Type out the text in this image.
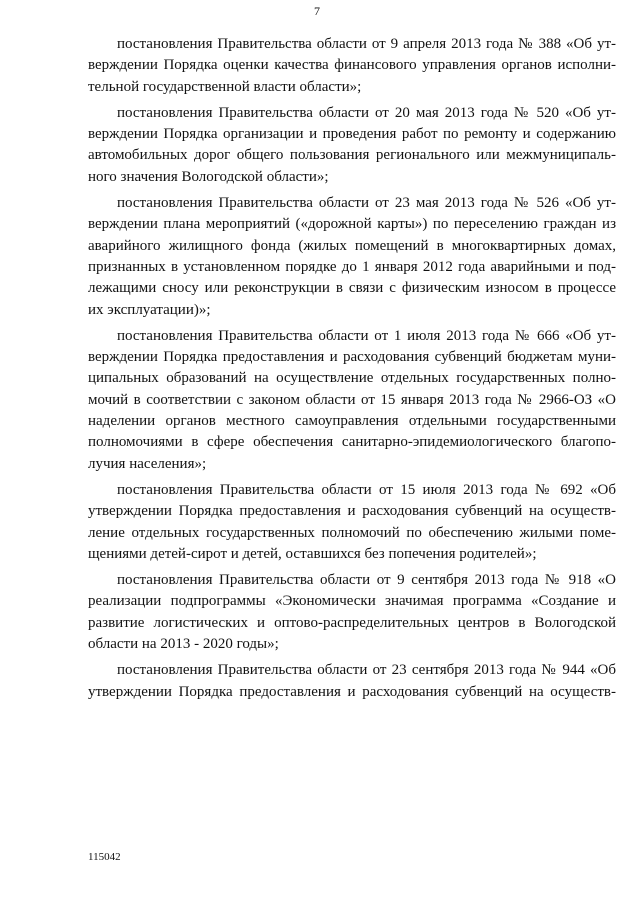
7
постановления Правительства области от 9 апреля 2013 года № 388 «Об ут-
верждении Порядка оценки качества финансового управления органов исполни-
тельной государственной власти области»;
постановления Правительства области от 20 мая 2013 года № 520 «Об ут-
верждении Порядка организации и проведения работ по ремонту и содержанию
автомобильных дорог общего пользования регионального или межмуниципаль-
ного значения Вологодской области»;
постановления Правительства области от 23 мая 2013 года № 526 «Об ут-
верждении плана мероприятий («дорожной карты») по переселению граждан из
аварийного жилищного фонда (жилых помещений в многоквартирных домах,
признанных в установленном порядке до 1 января 2012 года аварийными и под-
лежащими сносу или реконструкции в связи с физическим износом в процессе
их эксплуатации)»;
постановления Правительства области от 1 июля 2013 года № 666 «Об ут-
верждении Порядка предоставления и расходования субвенций бюджетам муни-
ципальных образований на осуществление отдельных государственных полно-
мочий в соответствии с законом области от 15 января 2013 года № 2966-ОЗ «О
наделении органов местного самоуправления отдельными государственными
полномочиями в сфере обеспечения санитарно-эпидемиологического благопо-
лучия населения»;
постановления Правительства области от 15 июля 2013 года № 692 «Об
утверждении Порядка предоставления и расходования субвенций на осуществ-
ление отдельных государственных полномочий по обеспечению жилыми поме-
щениями детей-сирот и детей, оставшихся без попечения родителей»;
постановления Правительства области от 9 сентября 2013 года № 918 «О
реализации подпрограммы «Экономически значимая программа «Создание и
развитие логистических и оптово-распределительных центров в Вологодской
области на 2013 - 2020 годы»;
постановления Правительства области от 23 сентября 2013 года № 944 «Об
утверждении Порядка предоставления и расходования субвенций на осуществ-
115042
